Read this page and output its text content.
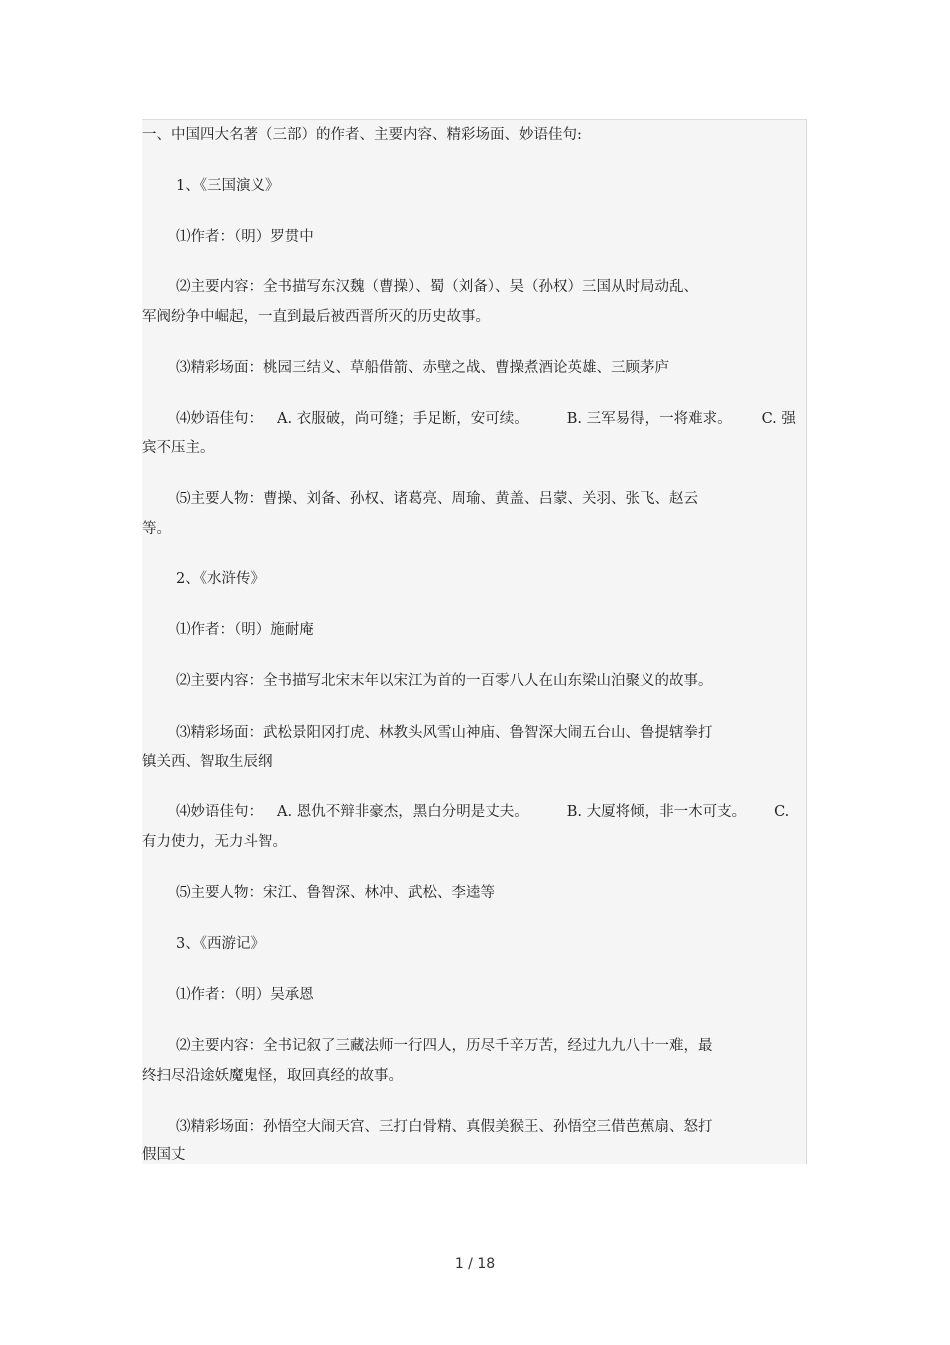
一、中国四大名著（三部）的作者、主要内容、精彩场面、妙语佳句:
1、《三国演义》
⑴作者：（明）罗贯中
⑵主要内容：全书描写东汉魏（曹操）、蜀（刘备）、吴（孙权）三国从时局动乱、
军阀纷争中崛起，一直到最后被西晋所灭的历史故事。
⑶精彩场面：桃园三结义、草船借箭、赤壁之战、曹操煮酒论英雄、三顾茅庐
⑷妙语佳句： A. 衣服破，尚可缝；手足断，安可续。	B. 三军易得，一将难求。 C. 强
宾不压主。
⑸主要人物：曹操、刘备、孙权、诸葛亮、周瑜、黄盖、吕蒙、关羽、张飞、赵云
等。
2、《水浒传》
⑴作者：（明）施耐庵
⑵主要内容：全书描写北宋末年以宋江为首的一百零八人在山东梁山泊聚义的故事。
⑶精彩场面：武松景阳冈打虎、林教头风雪山神庙、鲁智深大闹五台山、鲁提辖拳打
镇关西、智取生辰纲
⑷妙语佳句： A. 恩仇不辩非豪杰，黑白分明是丈夫。	B. 大厦将倾，非一木可支。 C.
有力使力，无力斗智。
⑸主要人物：宋江、鲁智深、林冲、武松、李逵等
3、《西游记》
⑴作者：（明）吴承恩
⑵主要内容：全书记叙了三藏法师一行四人，历尽千辛万苦，经过九九八十一难，最
终扫尽沿途妖魔鬼怪，取回真经的故事。
⑶精彩场面：孙悟空大闹天宫、三打白骨精、真假美猴王、孙悟空三借芭蕉扇、怒打
假国丈
1 / 18
